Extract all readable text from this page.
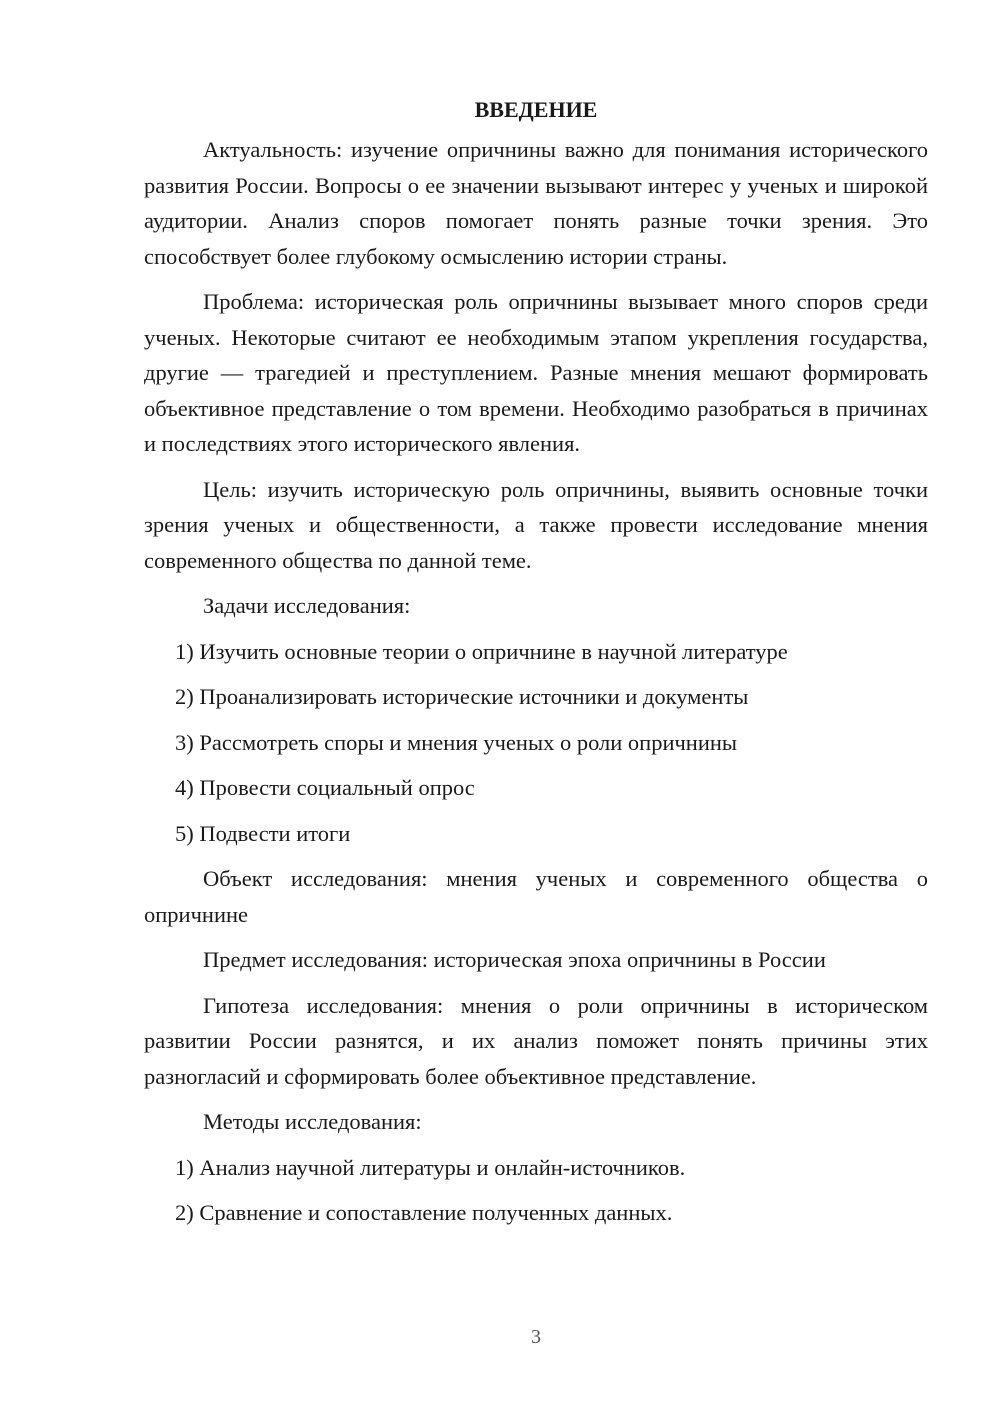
ВВЕДЕНИЕ

Актуальность: изучение опричнины важно для понимания исторического развития России. Вопросы о ее значении вызывают интерес у ученых и широкой аудитории. Анализ споров помогает понять разные точки зрения. Это способствует более глубокому осмыслению истории страны.

Проблема: историческая роль опричнины вызывает много споров среди ученых. Некоторые считают ее необходимым этапом укрепления государства, другие — трагедией и преступлением. Разные мнения мешают формировать объективное представление о том времени. Необходимо разобраться в причинах и последствиях этого исторического явления.

Цель: изучить историческую роль опричнины, выявить основные точки зрения ученых и общественности, а также провести исследование мнения современного общества по данной теме.

Задачи исследования:

1) Изучить основные теории о опричнине в научной литературе

2) Проанализировать исторические источники и документы

3) Рассмотреть споры и мнения ученых о роли опричнины

4) Провести социальный опрос

5) Подвести итоги

Объект исследования: мнения ученых и современного общества о опричнине

Предмет исследования: историческая эпоха опричнины в России

Гипотеза исследования: мнения о роли опричнины в историческом развитии России разнятся, и их анализ поможет понять причины этих разногласий и сформировать более объективное представление.

Методы исследования:

1) Анализ научной литературы и онлайн-источников.

2) Сравнение и сопоставление полученных данных.

3
